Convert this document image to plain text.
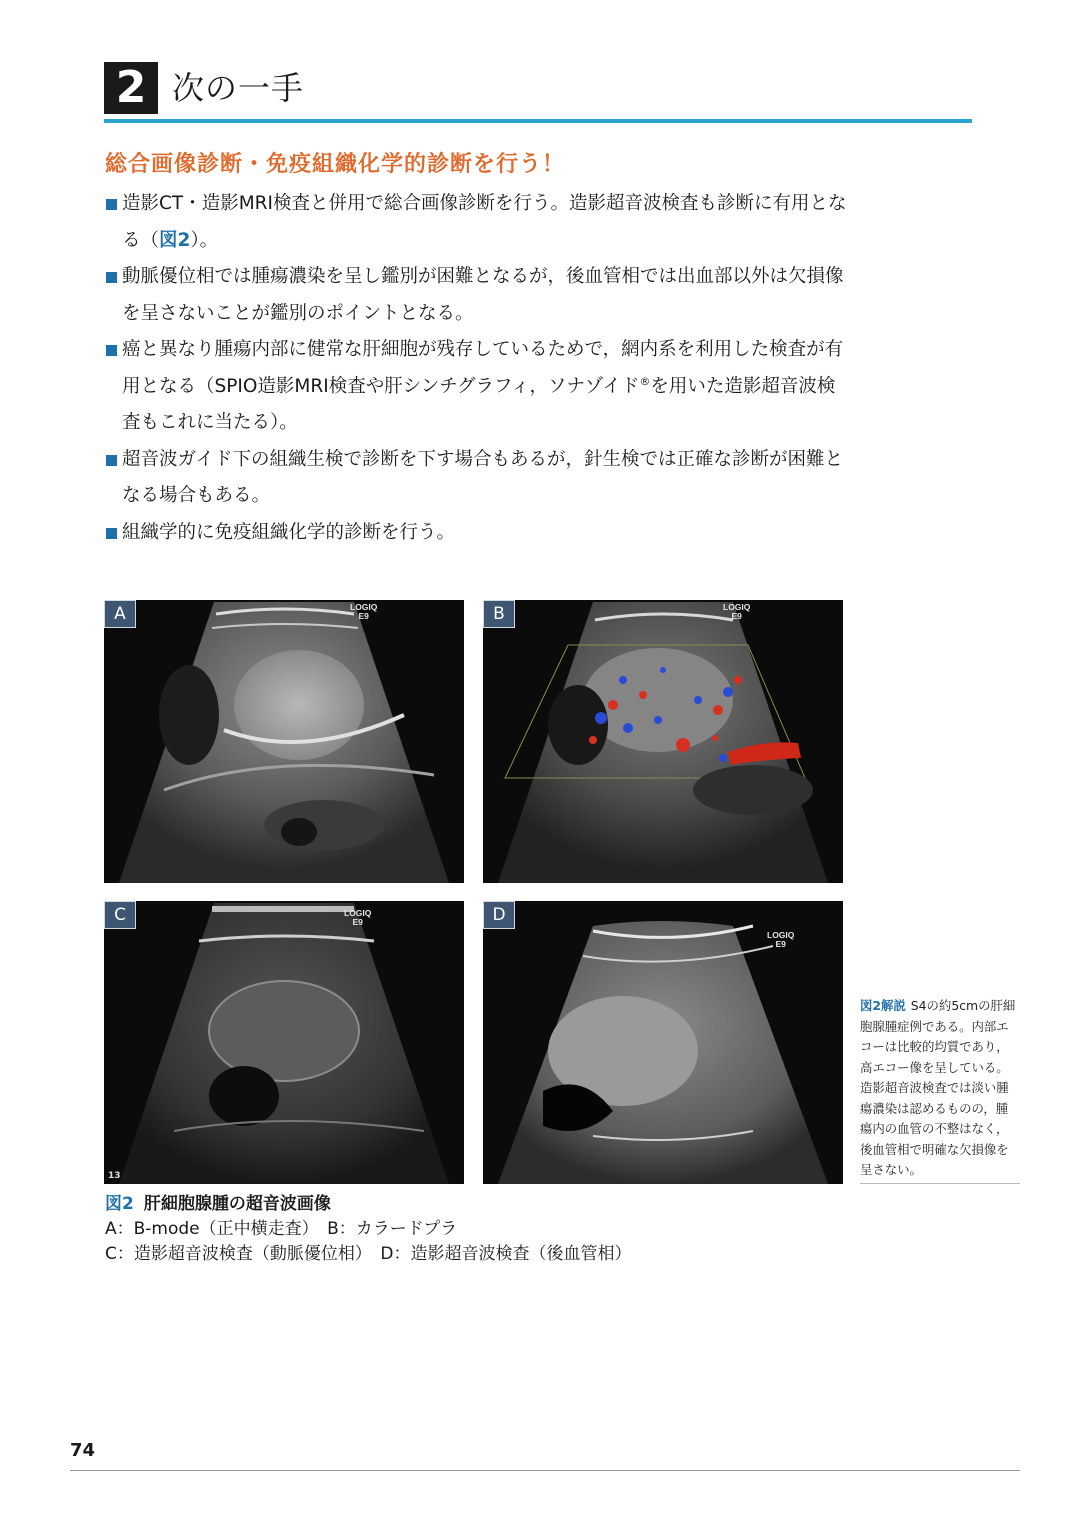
2 次の一手
総合画像診断・免疫組織化学的診断を行う！
造影CT・造影MRI検査と併用で総合画像診断を行う。造影超音波検査も診断に有用となる（図2）。
動脈優位相では腫瘍濃染を呈し鑑別が困難となるが，後血管相では出血部以外は欠損像を呈さないことが鑑別のポイントとなる。
癌と異なり腫瘍内部に健常な肝細胞が残存しているためで，網内系を利用した検査が有用となる（SPIO造影MRI検査や肝シンチグラフィ，ソナゾイド®を用いた造影超音波検査もこれに当たる）。
超音波ガイド下の組織生検で診断を下す場合もあるが，針生検では正確な診断が困難となる場合もある。
組織学的に免疫組織化学的診断を行う。
A	LOGIQ
E9	B	LOGIQ
E9
C	LOGIQ
E9
13
D
LOGIQ
E9
図2 肝細胞腺腫の超音波画像
A：B-mode（正中横走査）　B：カラードプラ
C：造影超音波検査（動脈優位相）　D：造影超音波検査（後血管相）
図2解説 S4の約5cmの肝細胞腺腫症例である。内部エコーは比較的均質であり，高エコー像を呈している。造影超音波検査では淡い腫瘍濃染は認めるものの，腫瘍内の血管の不整はなく，後血管相で明確な欠損像を呈さない。
74
